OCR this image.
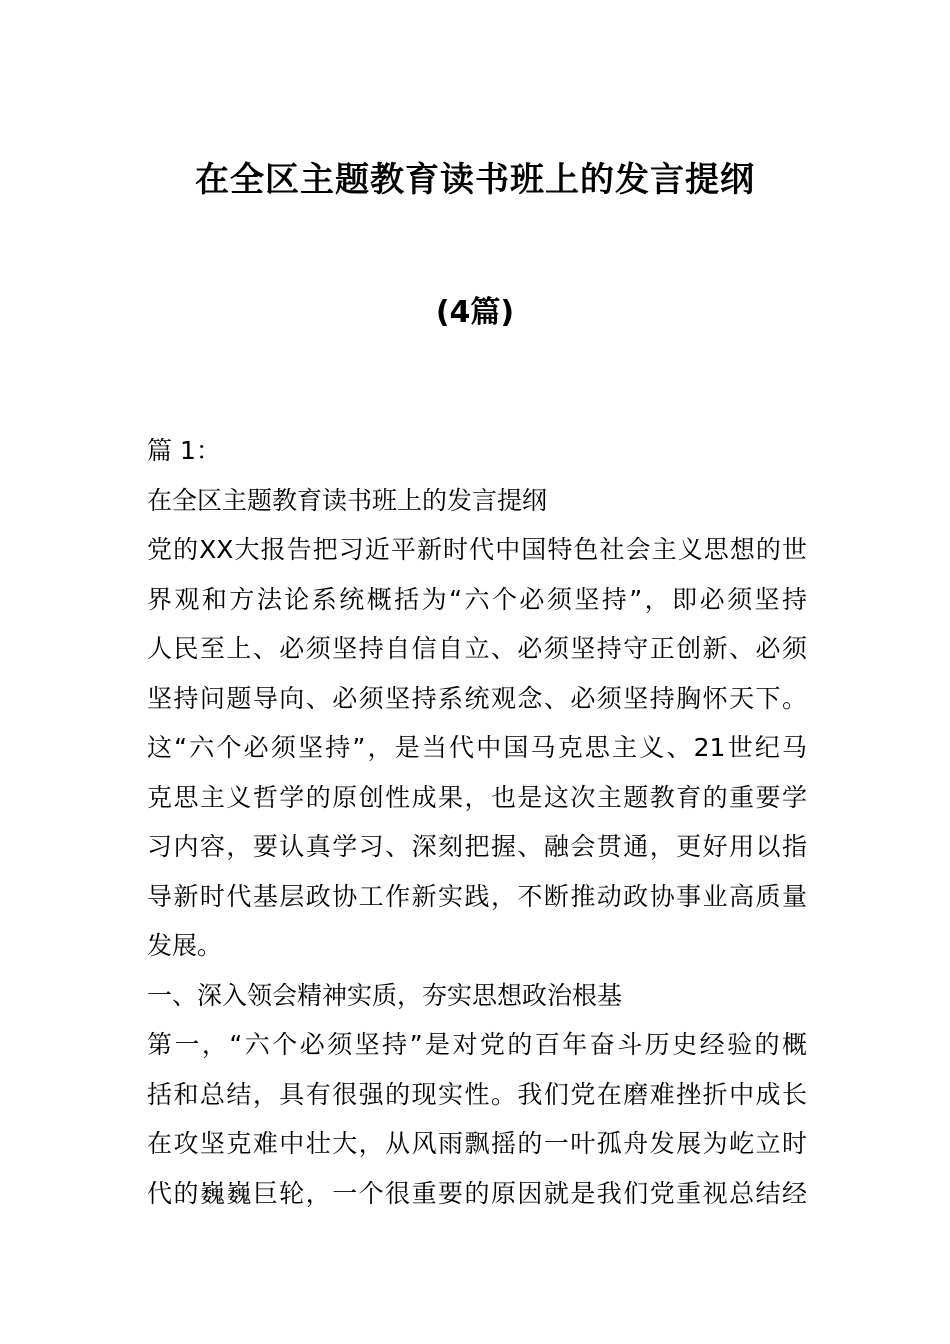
在全区主题教育读书班上的发言提纲
(4篇)
篇 1：
在全区主题教育读书班上的发言提纲
党的XX大报告把习近平新时代中国特色社会主义思想的世
界观和方法论系统概括为“六个必须坚持”，即必须坚持
人民至上、必须坚持自信自立、必须坚持守正创新、必须
坚持问题导向、必须坚持系统观念、必须坚持胸怀天下。
这“六个必须坚持”，是当代中国马克思主义、21世纪马
克思主义哲学的原创性成果，也是这次主题教育的重要学
习内容，要认真学习、深刻把握、融会贯通，更好用以指
导新时代基层政协工作新实践，不断推动政协事业高质量
发展。
一、深入领会精神实质，夯实思想政治根基
第一，“六个必须坚持”是对党的百年奋斗历史经验的概
括和总结，具有很强的现实性。我们党在磨难挫折中成长
在攻坚克难中壮大，从风雨飘摇的一叶孤舟发展为屹立时
代的巍巍巨轮，一个很重要的原因就是我们党重视总结经
